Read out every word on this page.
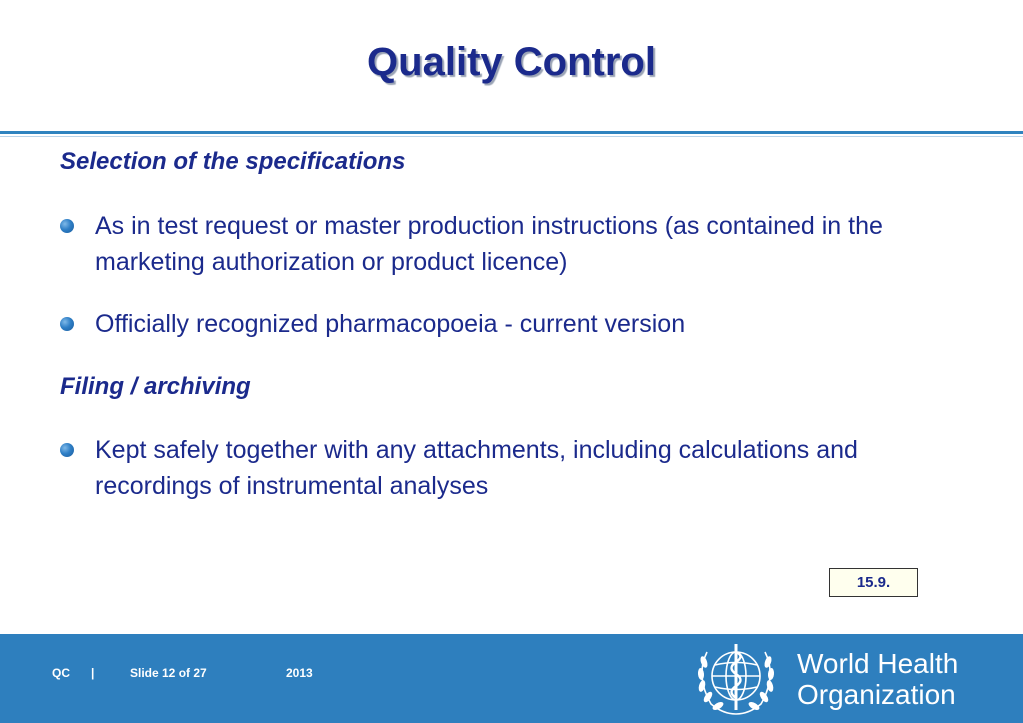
Quality Control
Selection of the specifications
As in test request or master production instructions (as contained in the marketing authorization or product licence)
Officially recognized pharmacopoeia - current version
Filing / archiving
Kept safely together with any attachments, including calculations and recordings of instrumental analyses
15.9.
QC |	Slide 12 of 27	2013	World Health
Organization
